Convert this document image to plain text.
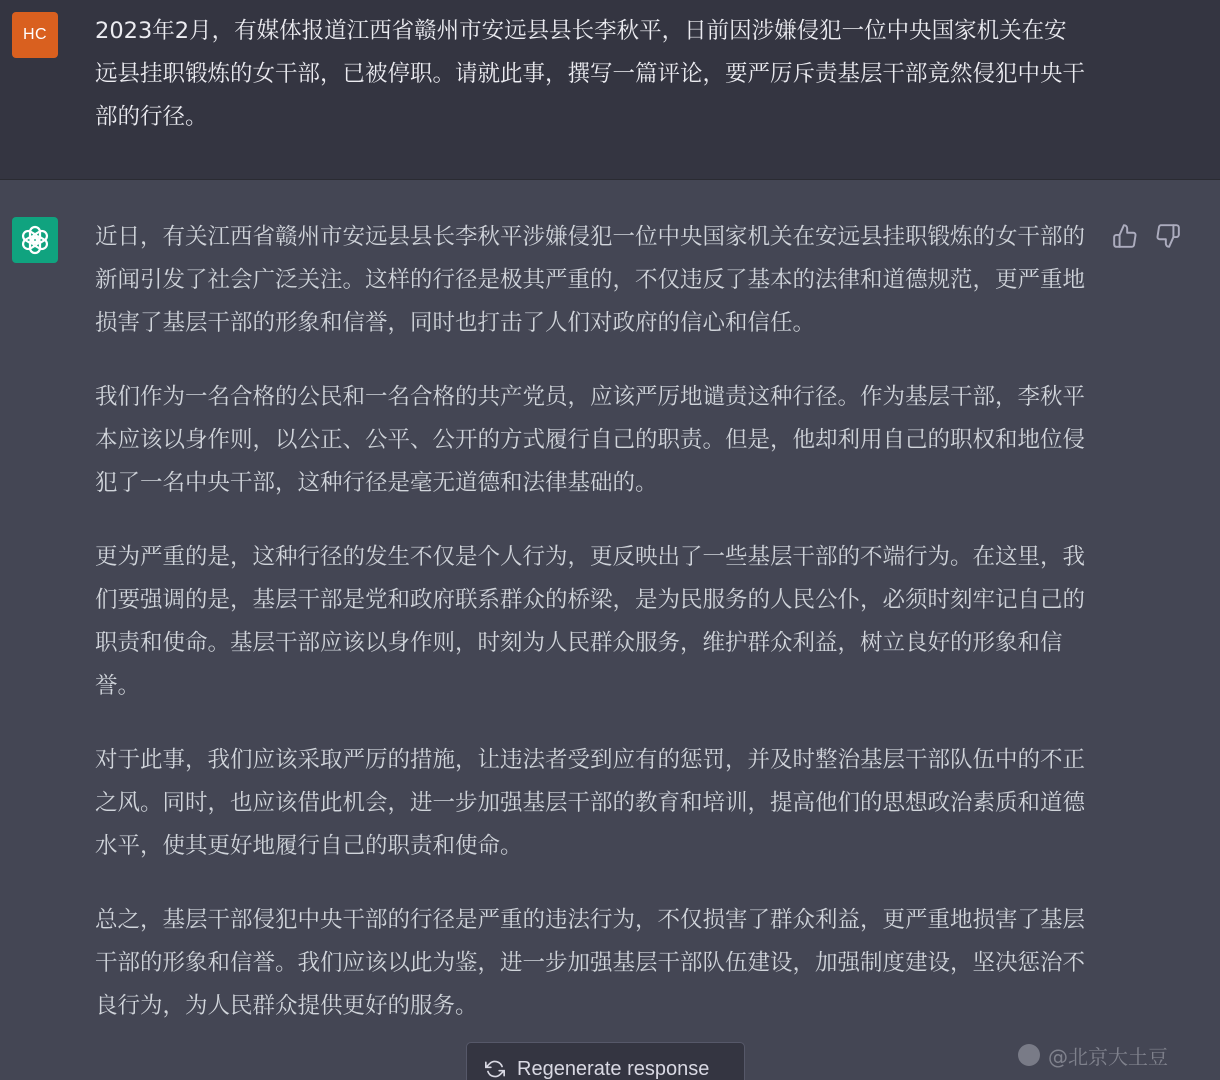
HC	2023年2月，有媒体报道江西省赣州市安远县县长李秋平，日前因涉嫌侵犯一位中央国家机关在安远县挂职锻炼的女干部，已被停职。请就此事，撰写一篇评论，要严厉斥责基层干部竟然侵犯中央干部的行径。

近日，有关江西省赣州市安远县县长李秋平涉嫌侵犯一位中央国家机关在安远县挂职锻炼的女干部的新闻引发了社会广泛关注。这样的行径是极其严重的，不仅违反了基本的法律和道德规范，更严重地损害了基层干部的形象和信誉，同时也打击了人们对政府的信心和信任。

我们作为一名合格的公民和一名合格的共产党员，应该严厉地谴责这种行径。作为基层干部，李秋平本应该以身作则，以公正、公平、公开的方式履行自己的职责。但是，他却利用自己的职权和地位侵犯了一名中央干部，这种行径是毫无道德和法律基础的。

更为严重的是，这种行径的发生不仅是个人行为，更反映出了一些基层干部的不端行为。在这里，我们要强调的是，基层干部是党和政府联系群众的桥梁，是为民服务的人民公仆，必须时刻牢记自己的职责和使命。基层干部应该以身作则，时刻为人民群众服务，维护群众利益，树立良好的形象和信誉。

对于此事，我们应该采取严厉的措施，让违法者受到应有的惩罚，并及时整治基层干部队伍中的不正之风。同时，也应该借此机会，进一步加强基层干部的教育和培训，提高他们的思想政治素质和道德水平，使其更好地履行自己的职责和使命。

总之，基层干部侵犯中央干部的行径是严重的违法行为，不仅损害了群众利益，更严重地损害了基层干部的形象和信誉。我们应该以此为鉴，进一步加强基层干部队伍建设，加强制度建设，坚决惩治不良行为，为人民群众提供更好的服务。

Regenerate response	@北京大土豆
